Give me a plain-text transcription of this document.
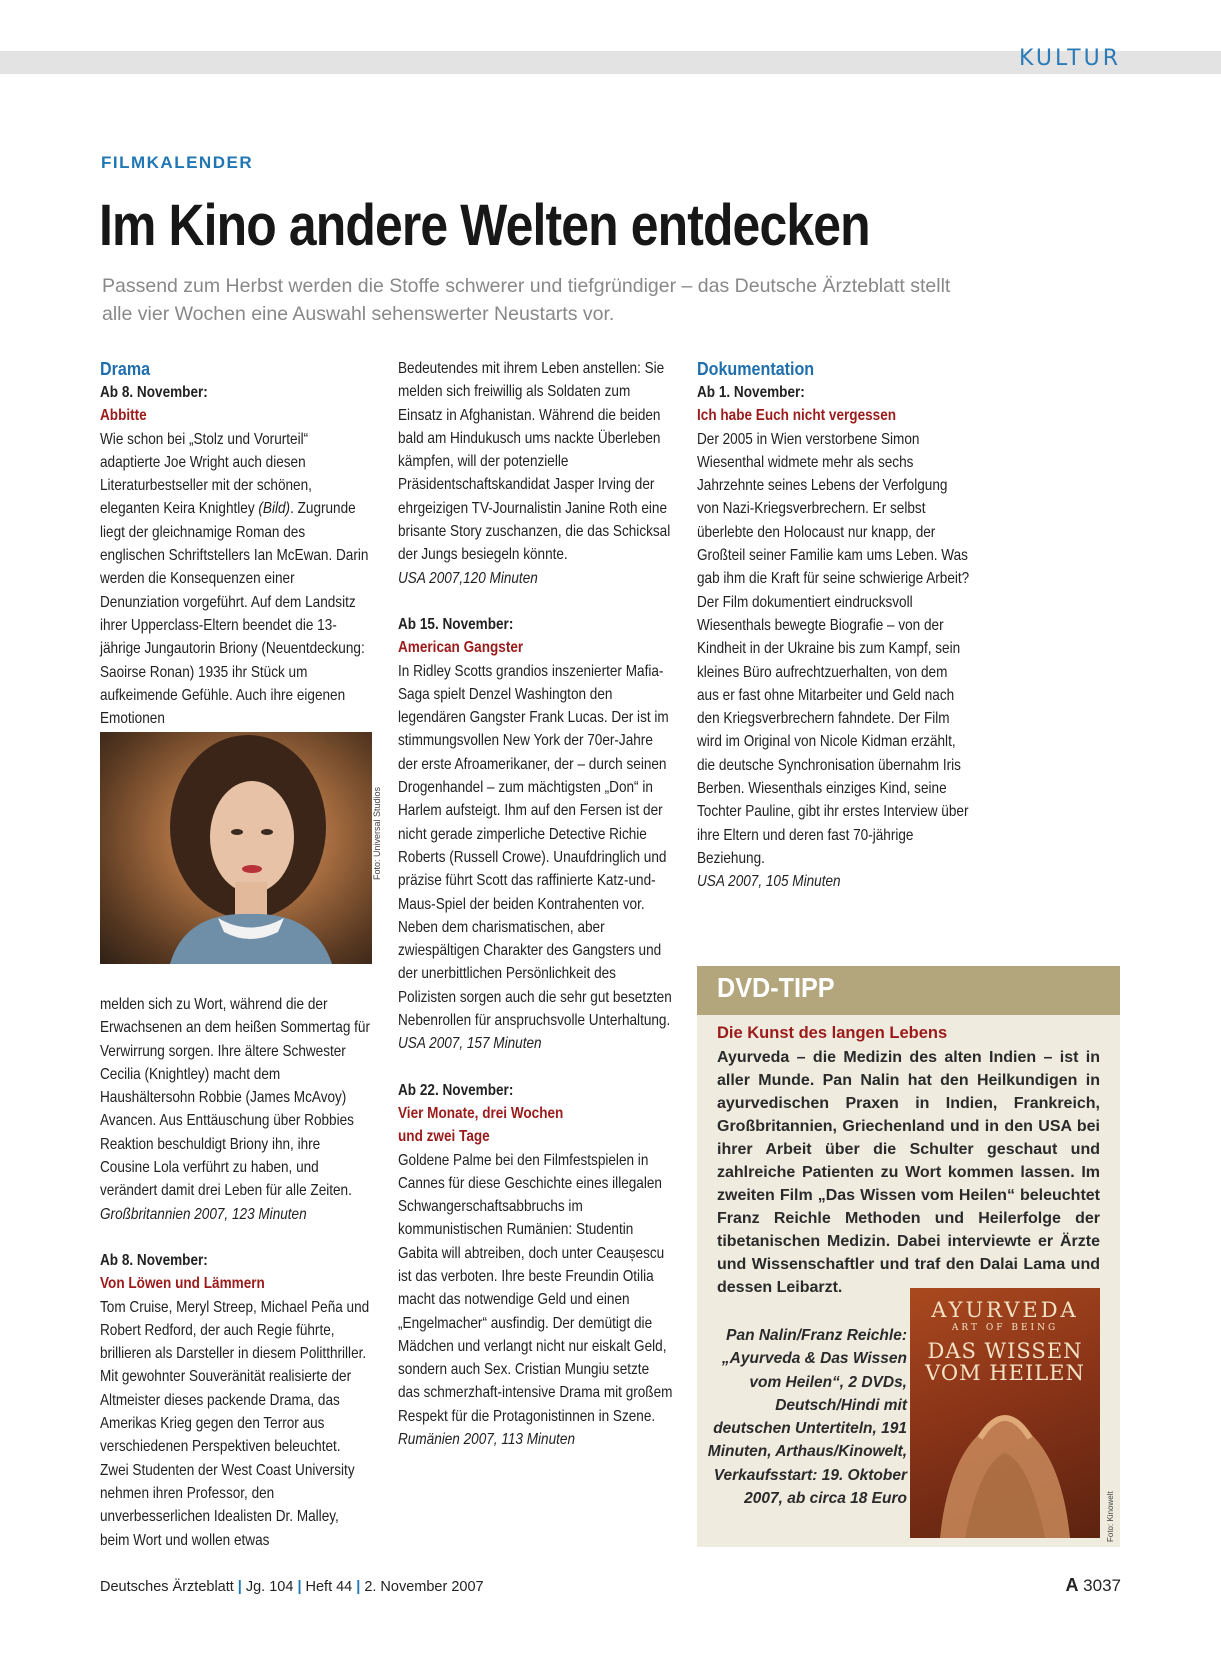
KULTUR
FILMKALENDER
Im Kino andere Welten entdecken

Passend zum Herbst werden die Stoffe schwerer und tiefgründiger – das Deutsche Ärzteblatt stellt alle vier Wochen eine Auswahl sehenswerter Neustarts vor.

Drama

Ab 8. November:

Abbitte

Wie schon bei „Stolz und Vorurteil“ adaptierte Joe Wright auch diesen Literaturbestseller mit der schönen, eleganten Keira Knightley (Bild). Zugrunde liegt der gleichnamige Roman des englischen Schriftstellers Ian McEwan. Darin werden die Konsequenzen einer Denunziation vorgeführt. Auf dem Landsitz ihrer Upperclass-Eltern beendet die 13-jährige Jungautorin Briony (Neuentdeckung: Saoirse Ronan) 1935 ihr Stück um aufkeimende Gefühle. Auch ihre eigenen Emotionen

Foto: Universal Studios

melden sich zu Wort, während die der Erwachsenen an dem heißen Sommertag für Verwirrung sorgen. Ihre ältere Schwester Cecilia (Knightley) macht dem Haushältersohn Robbie (James McAvoy) Avancen. Aus Enttäuschung über Robbies Reaktion beschuldigt Briony ihn, ihre Cousine Lola verführt zu haben, und verändert damit drei Leben für alle Zeiten.

Großbritannien 2007, 123 Minuten

Ab 8. November:

Von Löwen und Lämmern

Tom Cruise, Meryl Streep, Michael Peña und Robert Redford, der auch Regie führte, brillieren als Darsteller in diesem Politthriller. Mit gewohnter Souveränität realisierte der Altmeister dieses packende Drama, das Amerikas Krieg gegen den Terror aus verschiedenen Perspektiven beleuchtet. Zwei Studenten der West Coast University nehmen ihren Professor, den unverbesserlichen Idealisten Dr. Malley, beim Wort und wollen etwas

Bedeutendes mit ihrem Leben anstellen: Sie melden sich freiwillig als Soldaten zum Einsatz in Afghanistan. Während die beiden bald am Hindukusch ums nackte Überleben kämpfen, will der potenzielle Präsidentschaftskandidat Jasper Irving der ehrgeizigen TV-Journalistin Janine Roth eine brisante Story zuschanzen, die das Schicksal der Jungs besiegeln könnte.

USA 2007,120 Minuten

Ab 15. November:

American Gangster

In Ridley Scotts grandios inszenierter Mafia-Saga spielt Denzel Washington den legendären Gangster Frank Lucas. Der ist im stimmungsvollen New York der 70er-Jahre der erste Afroamerikaner, der – durch seinen Drogenhandel – zum mächtigsten „Don“ in Harlem aufsteigt. Ihm auf den Fersen ist der nicht gerade zimperliche Detective Richie Roberts (Russell Crowe). Unaufdringlich und präzise führt Scott das raffinierte Katz-und-Maus-Spiel der beiden Kontrahenten vor. Neben dem charismatischen, aber zwiespältigen Charakter des Gangsters und der unerbittlichen Persönlichkeit des Polizisten sorgen auch die sehr gut besetzten Nebenrollen für anspruchsvolle Unterhaltung.

USA 2007, 157 Minuten

Ab 22. November:

Vier Monate, drei Wochen und zwei Tage

Goldene Palme bei den Filmfestspielen in Cannes für diese Geschichte eines illegalen Schwangerschaftsabbruchs im kommunistischen Rumänien: Studentin Gabita will abtreiben, doch unter Ceaușescu ist das verboten. Ihre beste Freundin Otilia macht das notwendige Geld und einen „Engelmacher“ ausfindig. Der demütigt die Mädchen und verlangt nicht nur eiskalt Geld, sondern auch Sex. Cristian Mungiu setzte das schmerzhaft-intensive Drama mit großem Respekt für die Protagonistinnen in Szene.

Rumänien 2007, 113 Minuten

Dokumentation

Ab 1. November:

Ich habe Euch nicht vergessen

Der 2005 in Wien verstorbene Simon Wiesenthal widmete mehr als sechs Jahrzehnte seines Lebens der Verfolgung von Nazi-Kriegsverbrechern. Er selbst überlebte den Holocaust nur knapp, der Großteil seiner Familie kam ums Leben. Was gab ihm die Kraft für seine schwierige Arbeit? Der Film dokumentiert eindrucksvoll Wiesenthals bewegte Biografie – von der Kindheit in der Ukraine bis zum Kampf, sein kleines Büro aufrechtzuerhalten, von dem aus er fast ohne Mitarbeiter und Geld nach den Kriegsverbrechern fahndete. Der Film wird im Original von Nicole Kidman erzählt, die deutsche Synchronisation übernahm Iris Berben. Wiesenthals einziges Kind, seine Tochter Pauline, gibt ihr erstes Interview über ihre Eltern und deren fast 70-jährige Beziehung.

USA 2007, 105 Minuten

DVD-TIPP
Die Kunst des langen Lebens

Ayurveda – die Medizin des alten Indien – ist in aller Munde. Pan Nalin hat den Heilkundigen in ayurvedischen Praxen in Indien, Frankreich, Großbritannien, Griechenland und in den USA bei ihrer Arbeit über die Schulter geschaut und zahlreiche Patienten zu Wort kommen lassen. Im zweiten Film „Das Wissen vom Heilen“ beleuchtet Franz Reichle Methoden und Heilerfolge der tibetanischen Medizin. Dabei interviewte er Ärzte und Wissenschaftler und traf den Dalai Lama und dessen Leibarzt.

Pan Nalin/Franz Reichle: „Ayurveda & Das Wissen vom Heilen“, 2 DVDs, Deutsch/Hindi mit deutschen Untertiteln, 191 Minuten, Arthaus/Kinowelt, Verkaufsstart: 19. Oktober 2007, ab circa 18 Euro

AYURVEDA
ART OF BEING
DAS WISSEN VOM HEILEN
Foto: Kinowelt
Deutsches Ärzteblatt | Jg. 104 | Heft 44 | 2. November 2007	A 3037
